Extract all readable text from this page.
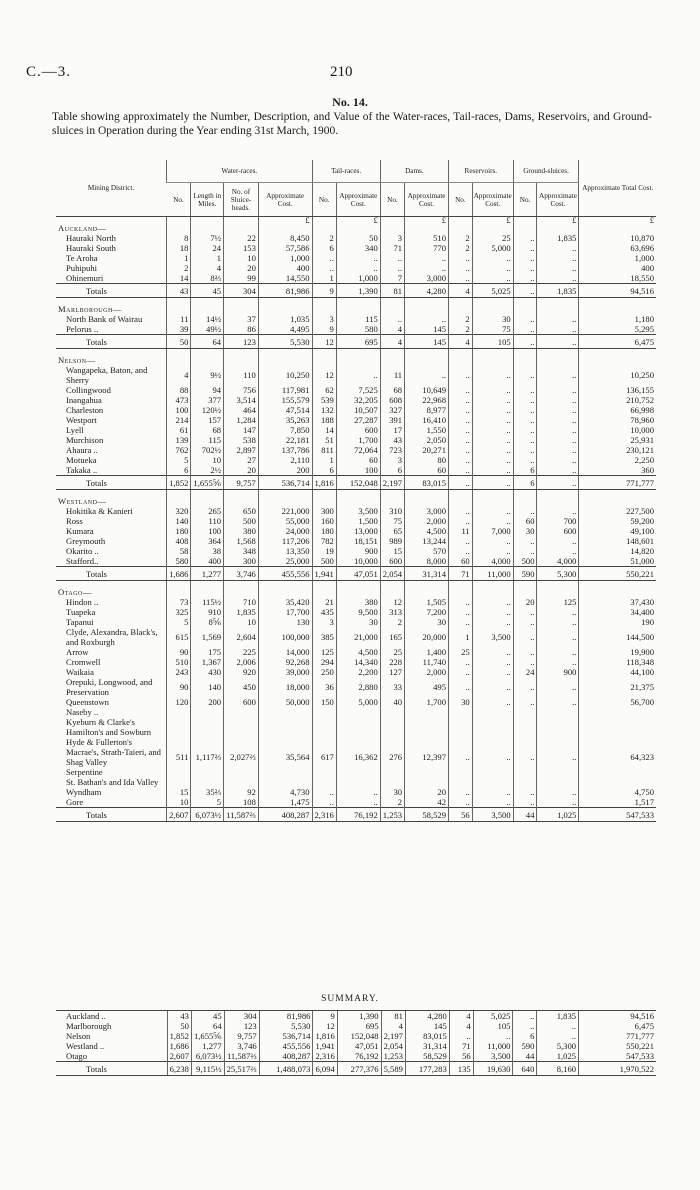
C.—3.	210
No. 14.
Table showing approximately the Number, Description, and Value of the Water-races, Tail-races, Dams, Reservoirs, and Ground-sluices in Operation during the Year ending 31st March, 1900.
Mining District.	Water-races.				Tail-races.		Dams.		Reservoirs.		Ground-sluices.		Approximate Total Cost.
	No.	Length in Miles.	No. of Sluice-heads.	Approximate Cost.	No.	Approximate Cost.	No.	Approximate Cost.	No.	Approximate Cost.	No.	Approximate Cost.	
				£		£		£		£		£	£
Auckland—													
Hauraki North	8	7½	22	8,450	2	50	3	510	2	25	..	1,835	10,870
Hauraki South	18	24	153	57,586	6	340	71	770	2	5,000	..	..	63,696
Te Aroha	1	1	10	1,000	..	..	..	..	..	..	..	..	1,000
Puhipuhi	2	4	20	400	..	..	..	..	..	..	..	..	400
Ohinemuri	14	8⅔	99	14,550	1	1,000	7	3,000	..	..	..	..	18,550
Totals	43	45	304	81,986	9	1,390	81	4,280	4	5,025	..	1,835	94,516

Marlborough—													
North Bank of Wairau	11	14½	37	1,035	3	115	..	..	2	30	..	..	1,180
Pelorus ..	39	49½	86	4,495	9	580	4	145	2	75	..	..	5,295
Totals	50	64	123	5,530	12	695	4	145	4	105	..	..	6,475

Nelson—													
Wangapeka, Baton, and Sherry	4	9½	110	10,250	12	..	11	..	..	..	..	..	10,250
Collingwood	88	94	756	117,981	62	7,525	68	10,649	..	..	..	..	136,155
Inangahua	473	377	3,514	155,579	539	32,205	608	22,968	..	..	..	..	210,752
Charleston	100	120½	464	47,514	132	10,507	327	8,977	..	..	..	..	66,998
Westport	214	157	1,284	35,263	188	27,287	391	16,410	..	..	..	..	78,960
Lyell	61	68	147	7,850	14	600	17	1,550	..	..	..	..	10,000
Murchison	139	115	538	22,181	51	1,700	43	2,050	..	..	..	..	25,931
Ahaura ..	762	702½	2,897	137,786	811	72,064	723	20,271	..	..	..	..	230,121
Motueka	5	10	27	2,110	1	60	3	80	..	..	..	..	2,250
Takaka ..	6	2½	20	200	6	100	6	60	..	..	6	..	360
Totals	1,852	1,655⅚	9,757	536,714	1,816	152,048	2,197	83,015	..	..	6	..	771,777

Westland—													
Hokitika & Kanieri	320	265	650	221,000	300	3,500	310	3,000	..	..	..	..	227,500
Ross	140	110	500	55,000	160	1,500	75	2,000	..	..	60	700	59,200
Kumara	180	100	380	24,000	180	13,000	65	4,500	11	7,000	30	600	49,100
Greymouth	408	364	1,568	117,206	782	18,151	989	13,244	..	..	..	..	148,601
Okarito ..	58	38	348	13,350	19	900	15	570	..	..	..	..	14,820
Stafford..	580	400	300	25,000	500	10,000	600	8,000	60	4,000	500	4,000	51,000
Totals	1,686	1,277	3,746	455,556	1,941	47,051	2,054	31,314	71	11,000	590	5,300	550,221

Otago—													
Hindon ..	73	115½	710	35,420	21	380	12	1,505	..	..	20	125	37,430
Tuapeka	325	910	1,835	17,700	435	9,500	313	7,200	..	..	..	..	34,400
Tapanui	5	8⅚	10	130	3	30	2	30	..	..	..	..	190
Clyde, Alexandra, Black's, and Roxburgh	615	1,569	2,604	100,000	385	21,000	165	20,000	1	3,500	..	..	144,500
Arrow	90	175	225	14,000	125	4,500	25	1,400	25	..	..	..	19,900
Cromwell	510	1,367	2,006	92,268	294	14,340	228	11,740	..	..	..	..	118,348
Waikaia	243	430	920	39,000	250	2,200	127	2,000	..	..	24	900	44,100
Orepuki, Longwood, and Preservation	90	140	450	18,000	36	2,880	33	495	..	..	..	..	21,375
Queenstown	120	200	600	50,000	150	5,000	40	1,700	30	..	..	..	56,700
Naseby ..													
Kyeburn & Clarke's Hamilton's and Sowburn													
Hyde & Fullerton's													
Macrae's, Strath-Taieri, and Shag Valley	511	1,117⅔	2,027⅔	35,564	617	16,362	276	12,397	..	..	..	..	64,323
Serpentine													
St. Bathan's and Ida Valley													
Wyndham	15	35⅔	92	4,730	..	..	30	20	..	..	..	..	4,750
Gore	10	5	108	1,475	..	..	2	42	..	..	..	..	1,517
Totals	2,607	6,073½	11,587⅔	408,287	2,316	76,192	1,253	58,529	56	3,500	44	1,025	547,533
SUMMARY.
Auckland ..	43	45	304	81,986	9	1,390	81	4,280	4	5,025	..	1,835	94,516
Marlborough	50	64	123	5,530	12	695	4	145	4	105	..	..	6,475
Nelson	1,852	1,655⅚	9,757	536,714	1,816	152,048	2,197	83,015	..	..	6	..	771,777
Westland ..	1,686	1,277	3,746	455,556	1,941	47,051	2,054	31,314	71	11,000	590	5,300	550,221
Otago	2,607	6,073½	11,587⅔	408,287	2,316	76,192	1,253	58,529	56	3,500	44	1,025	547,533
Totals	6,238	9,115½	25,517⅔	1,488,073	6,094	277,376	5,589	177,283	135	19,630	640	8,160	1,970,522
